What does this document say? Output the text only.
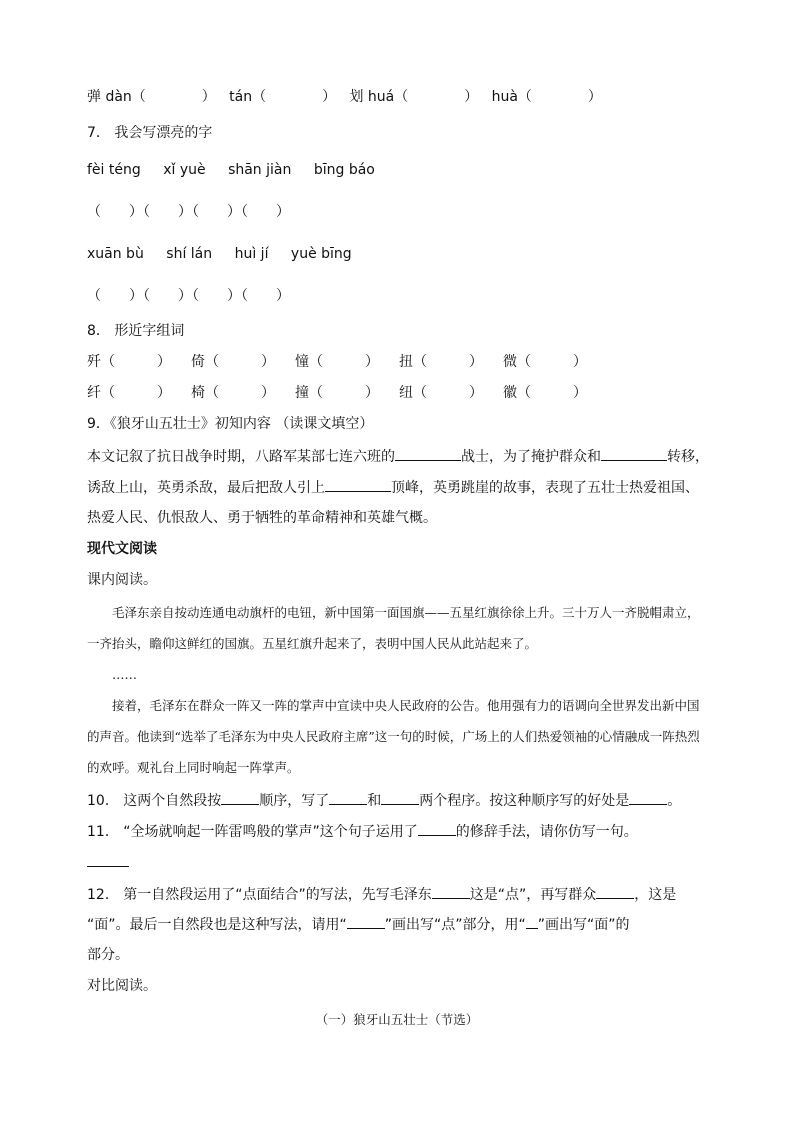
弹 dàn（　　　　） tán（　　　　） 划 huá（　　　　） huà（　　　　）
7． 我会写漂亮的字
fèi téng xǐ yuè shān jiàn bīng báo
（　　）（　　）（　　）（　　）
xuān bù shí lán huì jí yuè bīng
（　　）（　　）（　　）（　　）
8． 形近字组词
歼（　　　） 倚（　　　） 憧（　　　） 扭（　　　） 微（　　　）
纤（　　　） 椅（　　　） 撞（　　　） 纽（　　　） 徽（　　　）
9．《狼牙山五壮士》初知内容 （读课文填空）
本文记叙了抗日战争时期，八路军某部七连六班的	战士，为了掩护群众和	转移，
诱敌上山，英勇杀敌，最后把敌人引上	顶峰，英勇跳崖的故事，表现了五壮士热爱祖国、
热爱人民、仇恨敌人、勇于牺牲的革命精神和英雄气概。
现代文阅读
课内阅读。
毛泽东亲自按动连通电动旗杆的电钮，新中国第一面国旗——五星红旗徐徐上升。三十万人一齐脱帽肃立，一齐抬头，瞻仰这鲜红的国旗。五星红旗升起来了，表明中国人民从此站起来了。
……
接着，毛泽东在群众一阵又一阵的掌声中宣读中央人民政府的公告。他用强有力的语调向全世界发出新中国的声音。他读到“选举了毛泽东为中央人民政府主席”这一句的时候，广场上的人们热爱领袖的心情融成一阵热烈的欢呼。观礼台上同时响起一阵掌声。
10． 这两个自然段按	顺序，写了	和	两个程序。按这种顺序写的好处是	。
11． “全场就响起一阵雷鸣般的掌声”这个句子运用了	的修辞手法，请你仿写一句。
12． 第一自然段运用了“点面结合”的写法，先写毛泽东	这是“点”，再写群众	，这是
“面”。最后一自然段也是这种写法，请用“	”画出写“点”部分，用“ ”画出写“面”的
部分。
对比阅读。
（一）狼牙山五壮士（节选）
